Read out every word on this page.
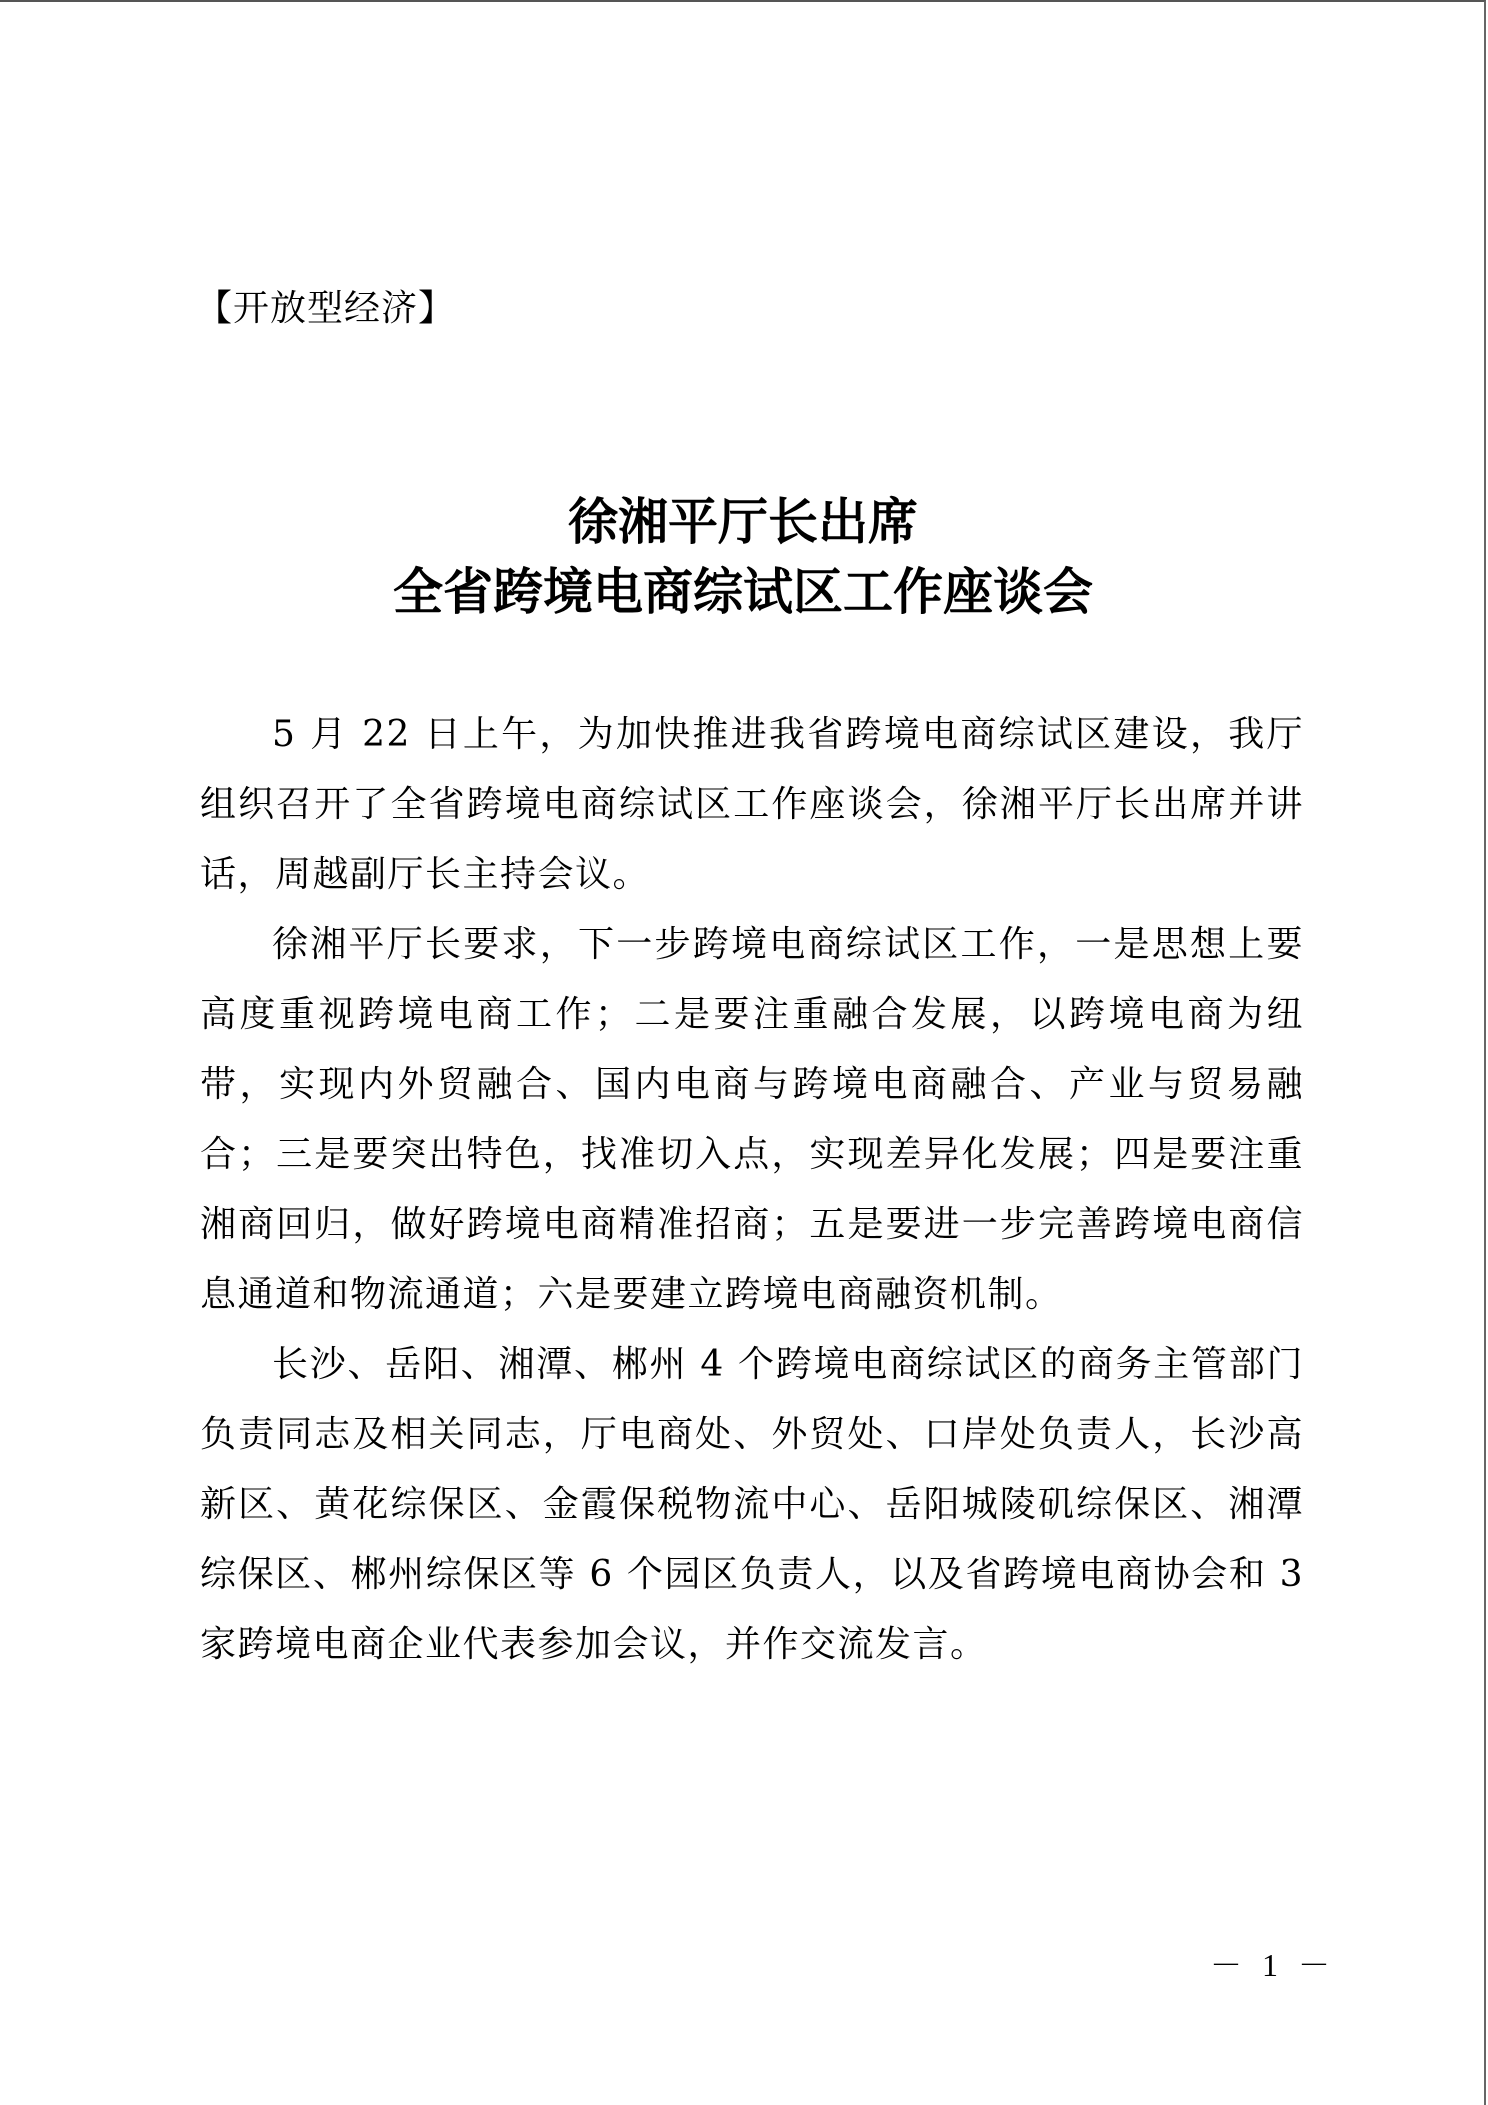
【开放型经济】
徐湘平厅长出席
全省跨境电商综试区工作座谈会

5 月 22 日上午，为加快推进我省跨境电商综试区建设，我厅组织召开了全省跨境电商综试区工作座谈会，徐湘平厅长出席并讲话，周越副厅长主持会议。

徐湘平厅长要求，下一步跨境电商综试区工作，一是思想上要高度重视跨境电商工作；二是要注重融合发展，以跨境电商为纽带，实现内外贸融合、国内电商与跨境电商融合、产业与贸易融合；三是要突出特色，找准切入点，实现差异化发展；四是要注重湘商回归，做好跨境电商精准招商；五是要进一步完善跨境电商信息通道和物流通道；六是要建立跨境电商融资机制。

长沙、岳阳、湘潭、郴州 4 个跨境电商综试区的商务主管部门负责同志及相关同志，厅电商处、外贸处、口岸处负责人，长沙高新区、黄花综保区、金霞保税物流中心、岳阳城陵矶综保区、湘潭综保区、郴州综保区等 6 个园区负责人，以及省跨境电商协会和 3 家跨境电商企业代表参加会议，并作交流发言。

－ 1 －
